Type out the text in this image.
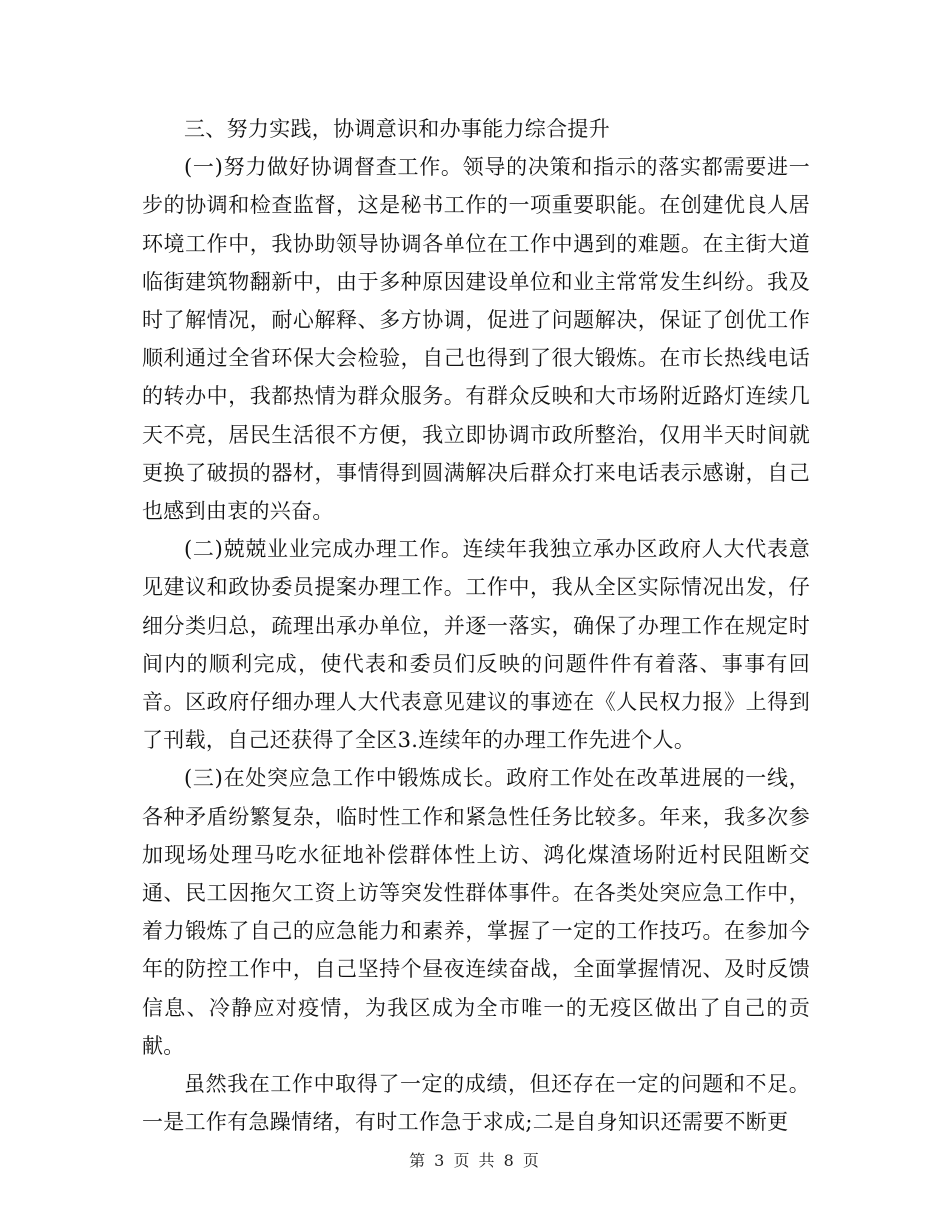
三、努力实践，协调意识和办事能力综合提升

(一)努力做好协调督查工作。领导的决策和指示的落实都需要进一步的协调和检查监督，这是秘书工作的一项重要职能。在创建优良人居环境工作中，我协助领导协调各单位在工作中遇到的难题。在主街大道临街建筑物翻新中，由于多种原因建设单位和业主常常发生纠纷。我及时了解情况，耐心解释、多方协调，促进了问题解决，保证了创优工作顺利通过全省环保大会检验，自己也得到了很大锻炼。在市长热线电话的转办中，我都热情为群众服务。有群众反映和大市场附近路灯连续几天不亮，居民生活很不方便，我立即协调市政所整治，仅用半天时间就更换了破损的器材，事情得到圆满解决后群众打来电话表示感谢，自己也感到由衷的兴奋。

(二)兢兢业业完成办理工作。连续年我独立承办区政府人大代表意见建议和政协委员提案办理工作。工作中，我从全区实际情况出发，仔细分类归总，疏理出承办单位，并逐一落实，确保了办理工作在规定时间内的顺利完成，使代表和委员们反映的问题件件有着落、事事有回音。区政府仔细办理人大代表意见建议的事迹在《人民权力报》上得到了刊载，自己还获得了全区3.连续年的办理工作先进个人。

(三)在处突应急工作中锻炼成长。政府工作处在改革进展的一线，各种矛盾纷繁复杂，临时性工作和紧急性任务比较多。年来，我多次参加现场处理马吃水征地补偿群体性上访、鸿化煤渣场附近村民阻断交通、民工因拖欠工资上访等突发性群体事件。在各类处突应急工作中，着力锻炼了自己的应急能力和素养，掌握了一定的工作技巧。在参加今年的防控工作中，自己坚持个昼夜连续奋战，全面掌握情况、及时反馈信息、冷静应对疫情，为我区成为全市唯一的无疫区做出了自己的贡献。

虽然我在工作中取得了一定的成绩，但还存在一定的问题和不足。一是工作有急躁情绪，有时工作急于求成;二是自身知识还需要不断更

第 3 页 共 8 页
